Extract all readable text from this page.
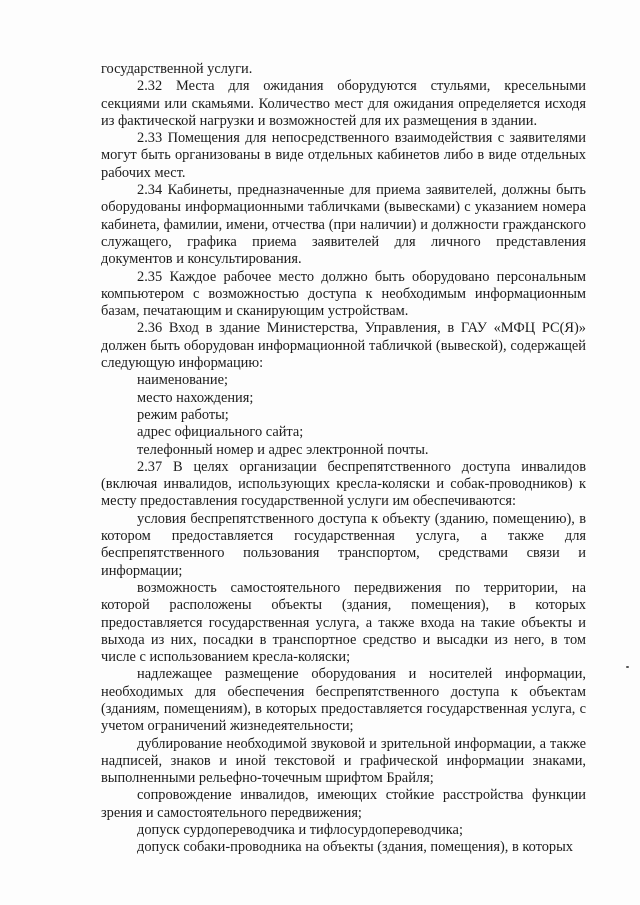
государственной услуги.

2.32 Места для ожидания оборудуются стульями, кресельными секциями или скамьями. Количество мест для ожидания определяется исходя из фактической нагрузки и возможностей для их размещения в здании.

2.33 Помещения для непосредственного взаимодействия с заявителями могут быть организованы в виде отдельных кабинетов либо в виде отдельных рабочих мест.

2.34 Кабинеты, предназначенные для приема заявителей, должны быть оборудованы информационными табличками (вывесками) с указанием номера кабинета, фамилии, имени, отчества (при наличии) и должности гражданского служащего, графика приема заявителей для личного представления документов и консультирования.

2.35 Каждое рабочее место должно быть оборудовано персональным компьютером с возможностью доступа к необходимым информационным базам, печатающим и сканирующим устройствам.

2.36 Вход в здание Министерства, Управления, в ГАУ «МФЦ РС(Я)» должен быть оборудован информационной табличкой (вывеской), содержащей следующую информацию:

наименование;

место нахождения;

режим работы;

адрес официального сайта;

телефонный номер и адрес электронной почты.

2.37 В целях организации беспрепятственного доступа инвалидов (включая инвалидов, использующих кресла-коляски и собак-проводников) к месту предоставления государственной услуги им обеспечиваются:

условия беспрепятственного доступа к объекту (зданию, помещению), в котором предоставляется государственная услуга, а также для беспрепятственного пользования транспортом, средствами связи и информации;

возможность самостоятельного передвижения по территории, на которой расположены объекты (здания, помещения), в которых предоставляется государственная услуга, а также входа на такие объекты и выхода из них, посадки в транспортное средство и высадки из него, в том числе с использованием кресла-коляски;

надлежащее размещение оборудования и носителей информации, необходимых для обеспечения беспрепятственного доступа к объектам (зданиям, помещениям), в которых предоставляется государственная услуга, с учетом ограничений жизнедеятельности;

дублирование необходимой звуковой и зрительной информации, а также надписей, знаков и иной текстовой и графической информации знаками, выполненными рельефно-точечным шрифтом Брайля;

сопровождение инвалидов, имеющих стойкие расстройства функции зрения и самостоятельного передвижения;

допуск сурдопереводчика и тифлосурдопереводчика;

допуск собаки-проводника на объекты (здания, помещения), в которых
